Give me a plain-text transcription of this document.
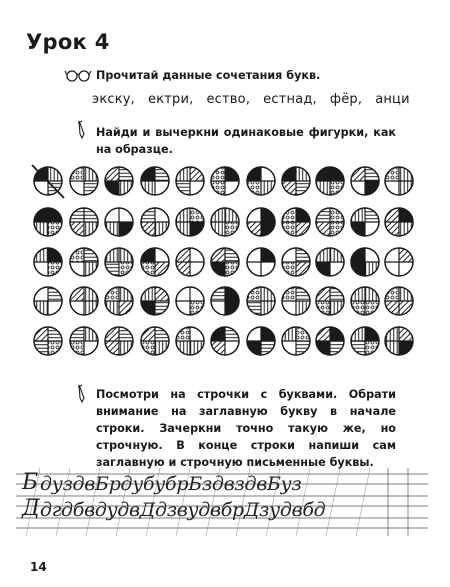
Урок 4
Прочитай данные сочетания букв.
экску, ектри, ество, естнад, фёр, анци
Найди и вычеркни одинаковые фигурки, как на образце.
Посмотри на строчки с буквами. Обрати внимание на заглавную букву в начале строки. Зачеркни точно такую же, но строчную. В конце строки напиши сам заглавную и строчную письменные буквы.
Б дуздвБрдубубрБздвздвБуз
Д дгдбвдудвДдзвудвбрДзудвбд
14
